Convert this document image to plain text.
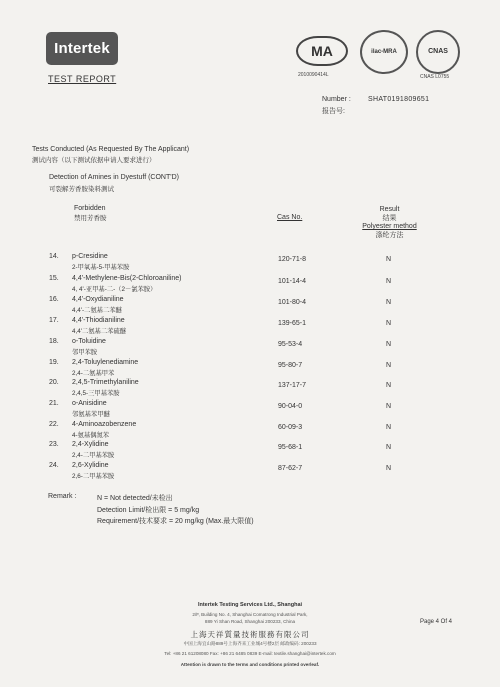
Intertek
TEST REPORT
MA	ilac-MRA	CNAS
2010090414L	CNAS L0755
Number :
报告号:
SHAT0191809651
Tests Conducted (As Requested By The Applicant)
测试内容（以下测试依据申请人要求进行）
Detection of Amines in Dyestuff (CONT'D)
可裂解芳香胺染料测试
Forbidden
禁用芳香胺	Cas No.
Result
结果
Polyester method
涤纶方法
14. p-Cresidine
2-甲氧基-5-甲基苯胺
120-71-8	N
15. 4,4'-Methylene-Bis(2-Chloroaniline)
4, 4'-亚甲基-二-（2－氯苯胺）
101-14-4	N
16. 4,4'-Oxydianiline
4,4'-二氨基二苯醚
101-80-4	N
17. 4,4'-Thiodianiline
4,4'二氨基二苯硫醚
139-65-1	N
18. o-Toluidine
邻甲苯胺
95-53-4	N
19. 2,4-Toluylenediamine
2,4-二氨基甲苯
95-80-7	N
20. 2,4,5-Trimethylaniline
2,4,5-三甲基苯胺
137-17-7	N
21. o-Anisidine
邻氨基苯甲醚
90-04-0	N
22. 4-Aminoazobenzene
4-氨基偶氮苯
60-09-3	N
23. 2,4-Xylidine
2,4-二甲基苯胺
95-68-1	N
24. 2,6-Xylidine
2,6-二甲基苯胺
87-62-7	N
Remark :	N = Not detected/未检出
Detection Limit/检出限 = 5 mg/kg
Requirement/技术要求 = 20 mg/kg (Max.最大限值)
Intertek Testing Services Ltd., Shanghai
2/F, Building No. 4, Shanghai Comatrong Industrial Park,
889 Yi Shan Road, Shanghai 200233, China
上海天祥質量技術服務有限公司
中国上海宜山路889号上海齐来工业城4号楼2层 邮政编码: 200233
Tel: +86 21 61208080 Fax: +86 21 6485 0839 E-mail: textile.shanghai@intertek.com
Attention is drawn to the terms and conditions printed overleaf.
Page 4 Of 4
